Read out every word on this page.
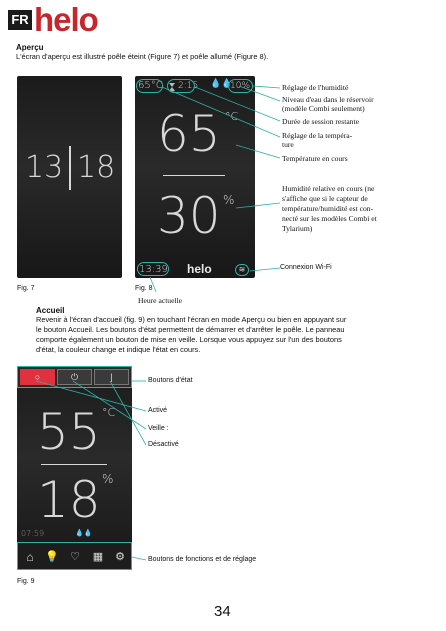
FR helo
Aperçu
L'écran d'aperçu est illustré poêle éteint (Figure 7) et poêle allumé (Figure 8).
13 18
Fig. 7
65°C 2:15 💧💧
10%
65 °C
30 %
13:39 helo	≋
Fig. 8
Réglage de l'humidité
Niveau d'eau dans le réservoir
(modèle Combi seulement)
Durée de session restante
Réglage de la tempéra-
ture
Température en cours
Humidité relative en cours (ne
s'affiche que si le capteur de
température/humidité est con-
necté sur les modèles Combi et
Tylarium)
Connexion Wi-Fi
Heure actuelle
Accueil
Revenir à l'écran d'accueil (fig. 9) en touchant l'écran en mode Aperçu ou bien en appuyant sur
le bouton Accueil. Les boutons d'état permettent de démarrer et d'arrêter le poêle. Le panneau
comporte également un bouton de mise en veille. Lorsque vous appuyez sur l'un des boutons
d'état, la couleur change et indique l'état en cours.
○	⏻	|
55 °C
18 %
07:59	💧💧
⌂	💡 ♡ ▦ ⚙
Fig. 9
Boutons d'état
Activé
Veille :
Désactivé
Boutons de fonctions et de réglage
34
